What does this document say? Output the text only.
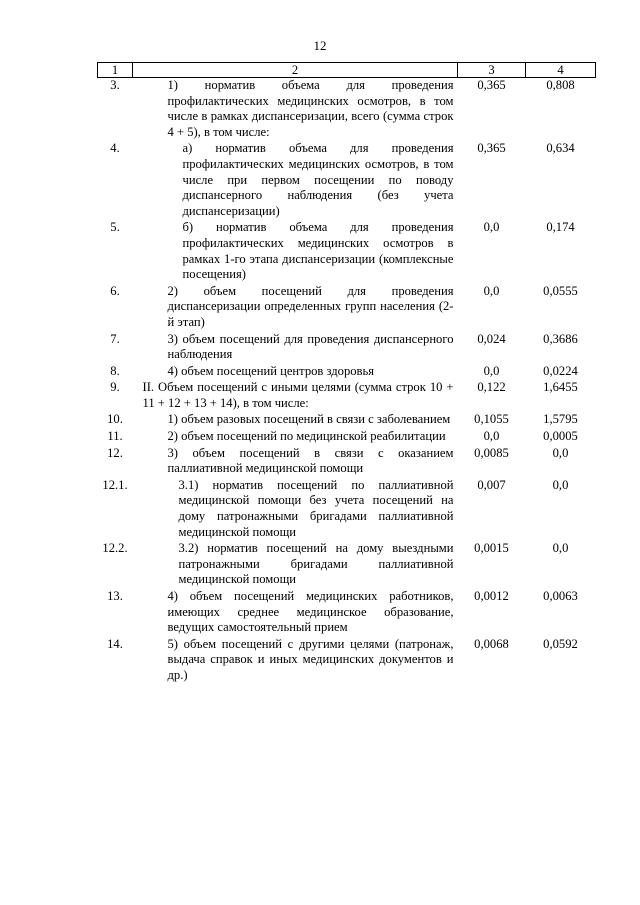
12
1	2	3	4
3.	1) норматив объема для проведения профилактических медицинских осмотров, в том числе в рамках диспансеризации, всего (сумма строк 4 + 5), в том числе:	0,365	0,808
4.	а) норматив объема для проведения профилактических медицинских осмотров, в том числе при первом посещении по поводу диспансерного наблюдения (без учета диспансеризации)	0,365	0,634
5.	б) норматив объема для проведения профилактических медицинских осмотров в рамках 1-го этапа диспансеризации (комплексные посещения)	0,0	0,174
6.	2) объем посещений для проведения диспансеризации определенных групп населения (2-й этап)	0,0	0,0555
7.	3) объем посещений для проведения диспансерного наблюдения	0,024	0,3686
8.	4) объем посещений центров здоровья	0,0	0,0224
9.	II. Объем посещений с иными целями (сумма строк 10 + 11 + 12 + 13 + 14), в том числе:	0,122	1,6455
10.	1) объем разовых посещений в связи с заболеванием	0,1055	1,5795
11.	2) объем посещений по медицинской реабилитации	0,0	0,0005
12.	3) объем посещений в связи с оказанием паллиативной медицинской помощи	0,0085	0,0
12.1.	3.1) норматив посещений по паллиативной медицинской помощи без учета посещений на дому патронажными бригадами паллиативной медицинской помощи	0,007	0,0
12.2.	3.2) норматив посещений на дому выездными патронажными бригадами паллиативной медицинской помощи	0,0015	0,0
13.	4) объем посещений медицинских работников, имеющих среднее медицинское образование, ведущих самостоятельный прием	0,0012	0,0063
14.	5) объем посещений с другими целями (патронаж, выдача справок и иных медицинских документов и др.)	0,0068	0,0592
